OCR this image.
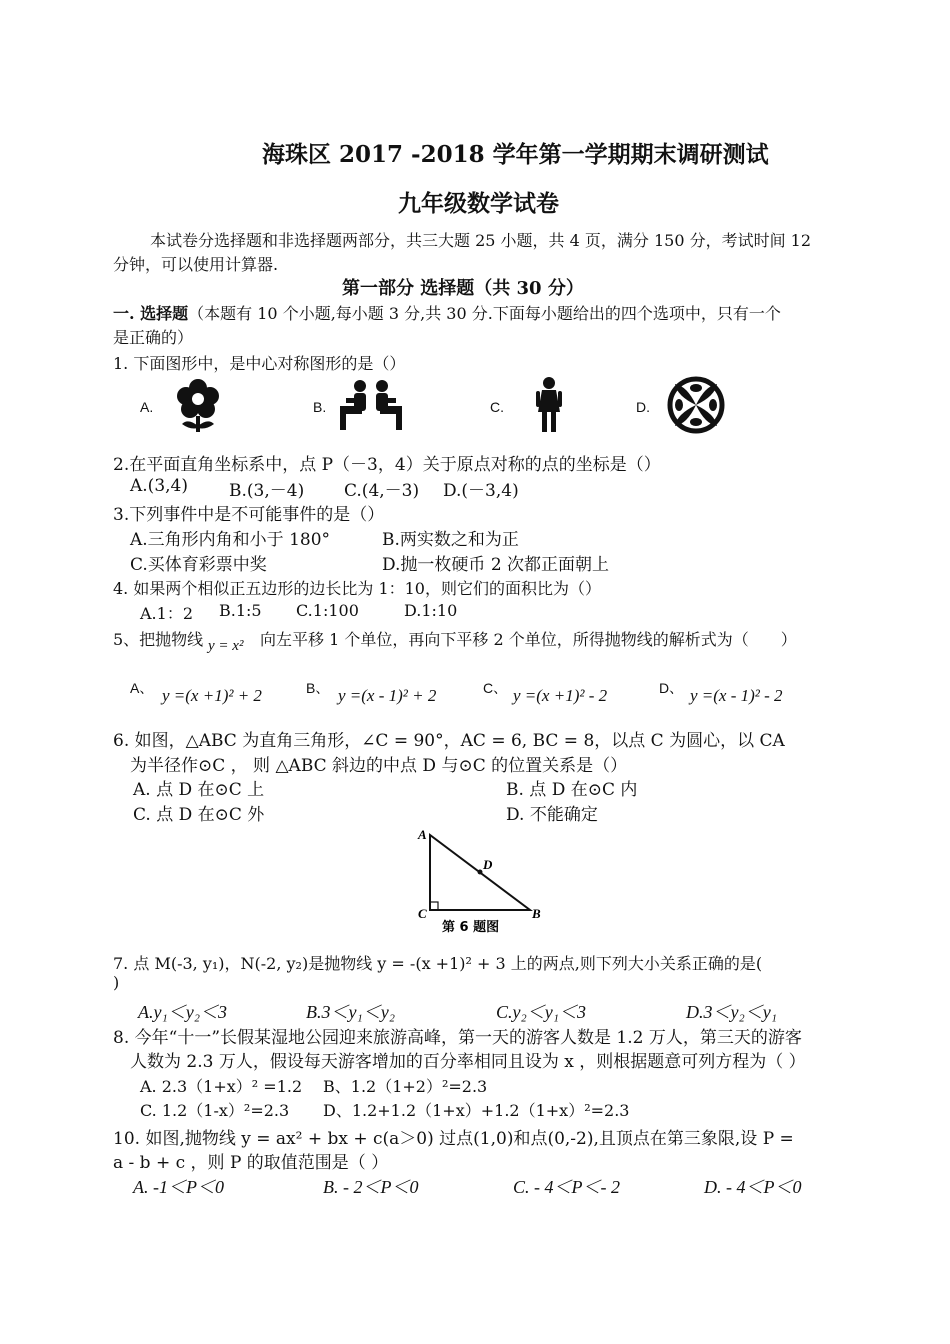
海珠区 2017 -2018 学年第一学期期末调研测试
九年级数学试卷
本试卷分选择题和非选择题两部分，共三大题 25 小题，共 4 页，满分 150 分，考试时间 12
分钟，可以使用计算器.
第一部分 选择题（共 30 分）
一. 选择题（本题有 10 个小题,每小题 3 分,共 30 分.下面每小题给出的四个选项中，只有一个
是正确的）
1. 下面图形中，是中心对称图形的是（）
A.	B.	C.	D.
2.在平面直角坐标系中，点 P（－3，4）关于原点对称的点的坐标是（）
A.(3,4) B.(3,－4) C.(4,－3) D.(－3,4)
3.下列事件中是不可能事件的是（）
A.三角形内角和小于 180°	B.两实数之和为正
C.买体育彩票中奖	D.抛一枚硬币 2 次都正面朝上
4. 如果两个相似正五边形的边长比为 1：10，则它们的面积比为（）
A.1：2 B.1:5 C.1:100	D.1:10
5、把抛物线 y = x² 向左平移 1 个单位，再向下平移 2 个单位，所得抛物线的解析式为（　　）
A、 y =(x +1)² + 2	B、 y =(x - 1)² + 2	C、 y =(x +1)² - 2	D、 y =(x - 1)² - 2
6. 如图，△ABC 为直角三角形，∠C = 90°，AC = 6, BC = 8，以点 C 为圆心，以 CA
为半径作⊙C ， 则 △ABC 斜边的中点 D 与⊙C 的位置关系是（）
A. 点 D 在⊙C 上	B. 点 D 在⊙C 内
C. 点 D 在⊙C 外	D. 不能确定
A
D
C	B
第 6 题图
7. 点 M(-3, y₁)，N(-2, y₂)是抛物线 y = -(x +1)² + 3 上的两点,则下列大小关系正确的是(
)
A.y₁＜y₂＜3	B.3＜y₁＜y₂	C.y₂＜y₁＜3	D.3＜y₂＜y₁
8. 今年“十一”长假某湿地公园迎来旅游高峰，第一天的游客人数是 1.2 万人，第三天的游客
人数为 2.3 万人，假设每天游客增加的百分率相同且设为 x ，则根据题意可列方程为（ ）
A. 2.3（1+x）² =1.2 B、1.2（1+2）²=2.3
C. 1.2（1-x）²=2.3 D、1.2+1.2（1+x）+1.2（1+x）²=2.3
10. 如图,抛物线 y = ax² + bx + c(a＞0) 过点(1,0)和点(0,-2),且顶点在第三象限,设 P =
a - b + c ，则 P 的取值范围是（ ）
A. -1＜P＜0	B. - 2＜P＜0	C. - 4＜P＜- 2	D. - 4＜P＜0
